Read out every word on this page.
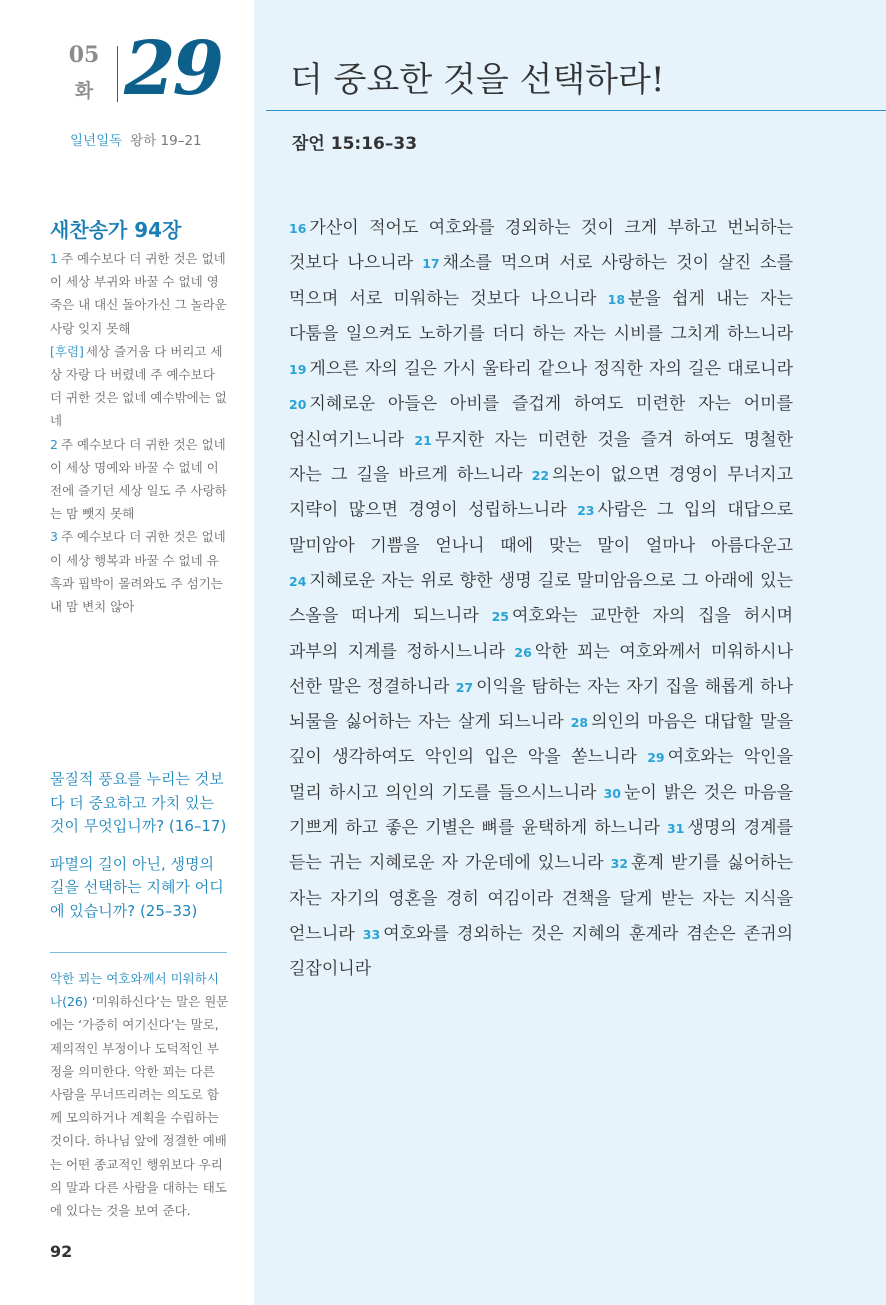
05
화 29
일년일독 왕하 19–21
새찬송가 94장
1 주 예수보다 더 귀한 것은 없네 이 세상 부귀와 바꿀 수 없네 영 죽은 내 대신 돌아가신 그 놀라운 사랑 잊지 못해
[후렴] 세상 즐거움 다 버리고 세상 자랑 다 버렸네 주 예수보다 더 귀한 것은 없네 예수밖에는 없네
2 주 예수보다 더 귀한 것은 없네 이 세상 명예와 바꿀 수 없네 이전에 즐기던 세상 일도 주 사랑하는 맘 뺏지 못해
3 주 예수보다 더 귀한 것은 없네 이 세상 행복과 바꿀 수 없네 유혹과 핍박이 몰려와도 주 섬기는 내 맘 변치 않아

물질적 풍요를 누리는 것보다 더 중요하고 가치 있는 것이 무엇입니까? (16–17)

파멸의 길이 아닌, 생명의 길을 선택하는 지혜가 어디에 있습니까? (25–33)

악한 꾀는 여호와께서 미워하시나(26) ‘미워하신다’는 말은 원문에는 ‘가증히 여기신다’는 말로, 제의적인 부정이나 도덕적인 부정을 의미한다. 악한 꾀는 다른 사람을 무너뜨리려는 의도로 함께 모의하거나 계획을 수립하는 것이다. 하나님 앞에 정결한 예배는 어떤 종교적인 행위보다 우리의 말과 다른 사람을 대하는 태도에 있다는 것을 보여 준다.
92
더 중요한 것을 선택하라!
잠언 15:16–33
16 가산이 적어도 여호와를 경외하는 것이 크게 부하고 번뇌하는 것보다 나으니라 17 채소를 먹으며 서로 사랑하는 것이 살진 소를 먹으며 서로 미워하는 것보다 나으니라 18 분을 쉽게 내는 자는 다툼을 일으켜도 노하기를 더디 하는 자는 시비를 그치게 하느니라 19 게으른 자의 길은 가시 울타리 같으나 정직한 자의 길은 대로니라 20 지혜로운 아들은 아비를 즐겁게 하여도 미련한 자는 어미를 업신여기느니라 21 무지한 자는 미련한 것을 즐겨 하여도 명철한 자는 그 길을 바르게 하느니라 22 의논이 없으면 경영이 무너지고 지략이 많으면 경영이 성립하느니라 23 사람은 그 입의 대답으로 말미암아 기쁨을 얻나니 때에 맞는 말이 얼마나 아름다운고 24 지혜로운 자는 위로 향한 생명 길로 말미암음으로 그 아래에 있는 스올을 떠나게 되느니라 25 여호와는 교만한 자의 집을 허시며 과부의 지계를 정하시느니라 26 악한 꾀는 여호와께서 미워하시나 선한 말은 정결하니라 27 이익을 탐하는 자는 자기 집을 해롭게 하나 뇌물을 싫어하는 자는 살게 되느니라 28 의인의 마음은 대답할 말을 깊이 생각하여도 악인의 입은 악을 쏟느니라 29 여호와는 악인을 멀리 하시고 의인의 기도를 들으시느니라 30 눈이 밝은 것은 마음을 기쁘게 하고 좋은 기별은 뼈를 윤택하게 하느니라 31 생명의 경계를 듣는 귀는 지혜로운 자 가운데에 있느니라 32 훈계 받기를 싫어하는 자는 자기의 영혼을 경히 여김이라 견책을 달게 받는 자는 지식을 얻느니라 33 여호와를 경외하는 것은 지혜의 훈계라 겸손은 존귀의 길잡이니라
